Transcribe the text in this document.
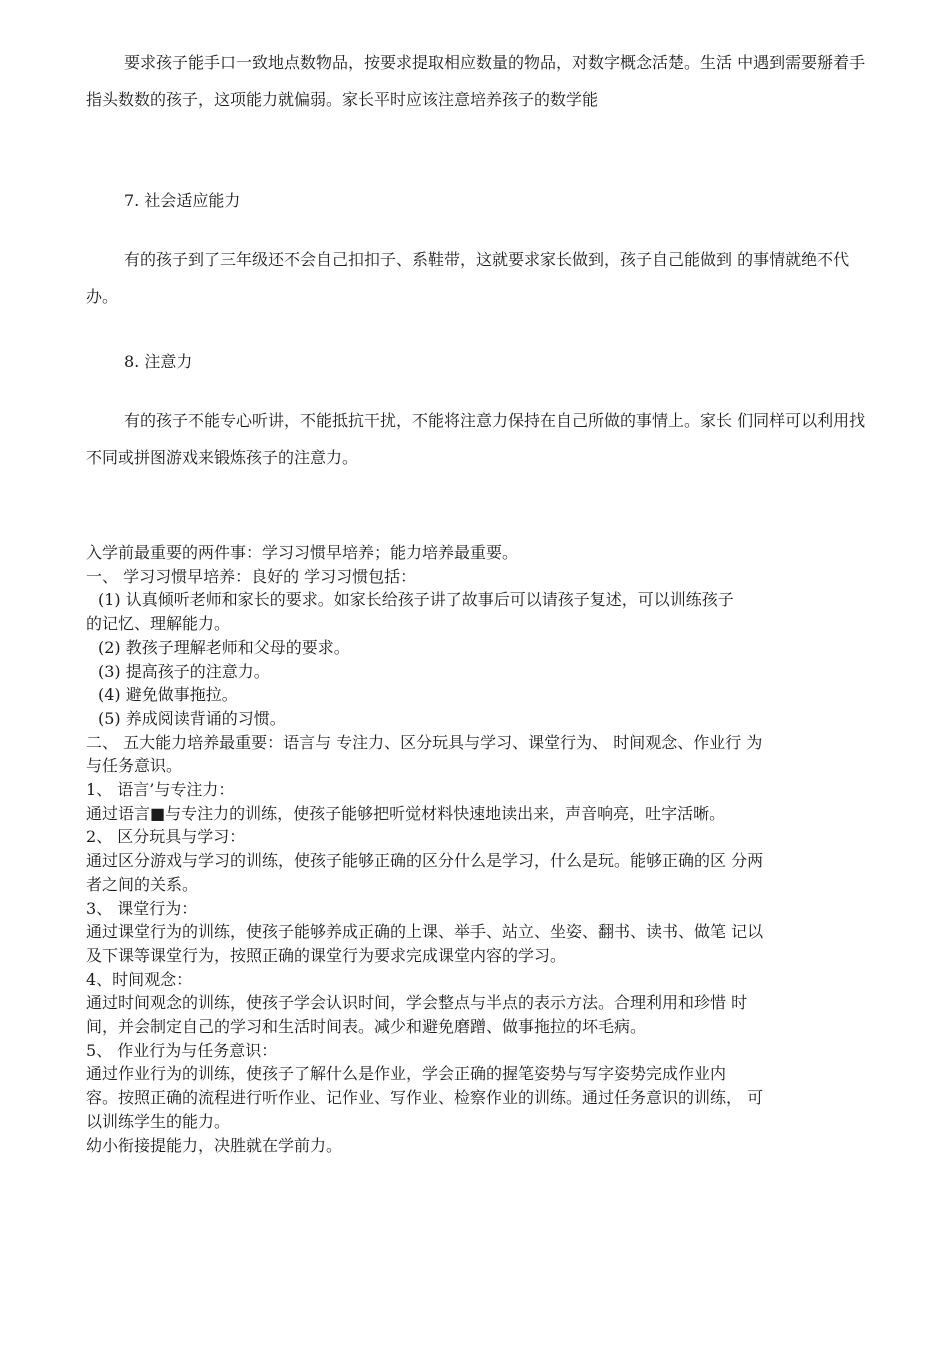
要求孩子能手口一致地点数物品，按要求提取相应数量的物品，对数字概念活楚。生活 中遇到需要掰着手指头数数的孩子，这项能力就偏弱。家长平时应该注意培养孩子的数学能
7. 社会适应能力
有的孩子到了三年级还不会自己扣扣子、系鞋带，这就要求家长做到，孩子自己能做到 的事情就绝不代办。
8. 注意力
有的孩子不能专心听讲，不能抵抗干扰，不能将注意力保持在自己所做的事情上。家长 们同样可以利用找不同或拼图游戏来锻炼孩子的注意力。
入学前最重要的两件事：学习习惯早培养；能力培养最重要。
一、 学习习惯早培养：良好的 学习习惯包括：
(1) 认真倾听老师和家长的要求。如家长给孩子讲了故事后可以请孩子复述，可以训练孩子
的记忆、理解能力。
(2) 教孩子理解老师和父母的要求。
(3) 提高孩子的注意力。
(4) 避免做事拖拉。
(5) 养成阅读背诵的习惯。
二、 五大能力培养最重要：语言与 专注力、区分玩具与学习、课堂行为、 时间观念、作业行 为
与任务意识。
1、 语言’与专注力：
通过语言■与专注力的训练，使孩子能够把听觉材料快速地读出来，声音响亮，吐字活晰。
2、 区分玩具与学习：
通过区分游戏与学习的训练，使孩子能够正确的区分什么是学习，什么是玩。能够正确的区 分两
者之间的关系。
3、 课堂行为：
通过课堂行为的训练，使孩子能够养成正确的上课、举手、站立、坐姿、翻书、读书、做笔 记以
及下课等课堂行为，按照正确的课堂行为要求完成课堂内容的学习。
4、时间观念：
通过时间观念的训练，使孩子学会认识时间，学会整点与半点的表示方法。合理利用和珍惜 时
间，并会制定自己的学习和生活时间表。减少和避免磨蹭、做事拖拉的坏毛病。
5、 作业行为与任务意识：
通过作业行为的训练，使孩子了解什么是作业，学会正确的握笔姿势与写字姿势完成作业内
容。按照正确的流程进行听作业、记作业、写作业、检察作业的训练。通过任务意识的训练， 可
以训练学生的能力。
幼小衔接提能力，决胜就在学前力。
